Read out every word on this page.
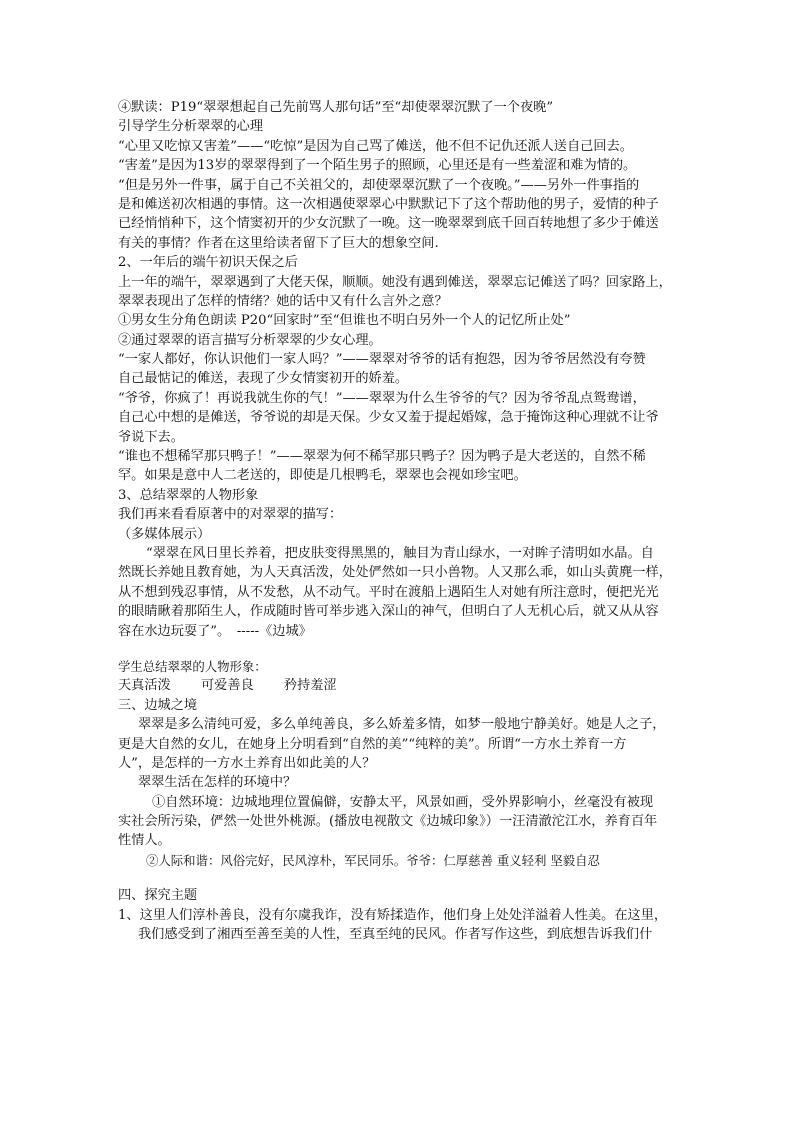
④默读：P19“翠翠想起自己先前骂人那句话”至“却使翠翠沉默了一个夜晚”
引导学生分析翠翠的心理
“心里又吃惊又害羞”——“吃惊”是因为自己骂了傩送，他不但不记仇还派人送自己回去。
“害羞”是因为13岁的翠翠得到了一个陌生男子的照顾，心里还是有一些羞涩和难为情的。
“但是另外一件事，属于自己不关祖父的，却使翠翠沉默了一个夜晚。”——另外一件事指的
是和傩送初次相遇的事情。这一次相遇使翠翠心中默默记下了这个帮助他的男子，爱情的种子
已经悄悄种下，这个情窦初开的少女沉默了一晚。这一晚翠翠到底千回百转地想了多少于傩送
有关的事情？作者在这里给读者留下了巨大的想象空间.
2、一年后的端午初识天保之后
上一年的端午，翠翠遇到了大佬天保，顺顺。她没有遇到傩送，翠翠忘记傩送了吗？回家路上，
翠翠表现出了怎样的情绪？她的话中又有什么言外之意？
①男女生分角色朗读 P20“回家时”至“但谁也不明白另外一个人的记忆所止处”
②通过翠翠的语言描写分析翠翠的少女心理。
“一家人都好，你认识他们一家人吗？”——翠翠对爷爷的话有抱怨，因为爷爷居然没有夸赞
自己最惦记的傩送，表现了少女情窦初开的娇羞。
“爷爷，你疯了！再说我就生你的气！”——翠翠为什么生爷爷的气？因为爷爷乱点鸳鸯谱，
自己心中想的是傩送，爷爷说的却是天保。少女又羞于提起婚嫁，急于掩饰这种心理就不让爷
爷说下去。
“谁也不想稀罕那只鸭子！”——翠翠为何不稀罕那只鸭子？因为鸭子是大老送的，自然不稀
罕。如果是意中人二老送的，即使是几根鸭毛，翠翠也会视如珍宝吧。
3、总结翠翠的人物形象
我们再来看看原著中的对翠翠的描写：
（多媒体展示）
“翠翠在风日里长养着，把皮肤变得黑黑的，触目为青山绿水，一对眸子清明如水晶。自
然既长养她且教育她，为人天真活泼，处处俨然如一只小兽物。人又那么乖，如山头黄麂一样，
从不想到残忍事情，从不发愁，从不动气。平时在渡船上遇陌生人对她有所注意时，便把光光
的眼睛瞅着那陌生人，作成随时皆可举步逃入深山的神气，但明白了人无机心后，就又从从容
容在水边玩耍了”。　-----《边城》
学生总结翠翠的人物形象：
天真活泼 可爱善良 矜持羞涩
三、边城之境
翠翠是多么清纯可爱，多么单纯善良，多么娇羞多情，如梦一般地宁静美好。她是人之子，
更是大自然的女儿，在她身上分明看到“自然的美”“纯粹的美”。所谓“一方水土养育一方
人”，是怎样的一方水土养育出如此美的人？
翠翠生活在怎样的环境中？
①自然环境：边城地理位置偏僻，安静太平，风景如画，受外界影响小，丝毫没有被现
实社会所污染，俨然一处世外桃源。(播放电视散文《边城印象》）一汪清澈沱江水，养育百年
性情人。
②人际和谐：风俗完好，民风淳朴，军民同乐。爷爷：仁厚慈善 重义轻利 坚毅自忍
四、探究主题
1、这里人们淳朴善良，没有尔虞我诈，没有矫揉造作，他们身上处处洋溢着人性美。在这里，
我们感受到了湘西至善至美的人性，至真至纯的民风。作者写作这些，到底想告诉我们什
